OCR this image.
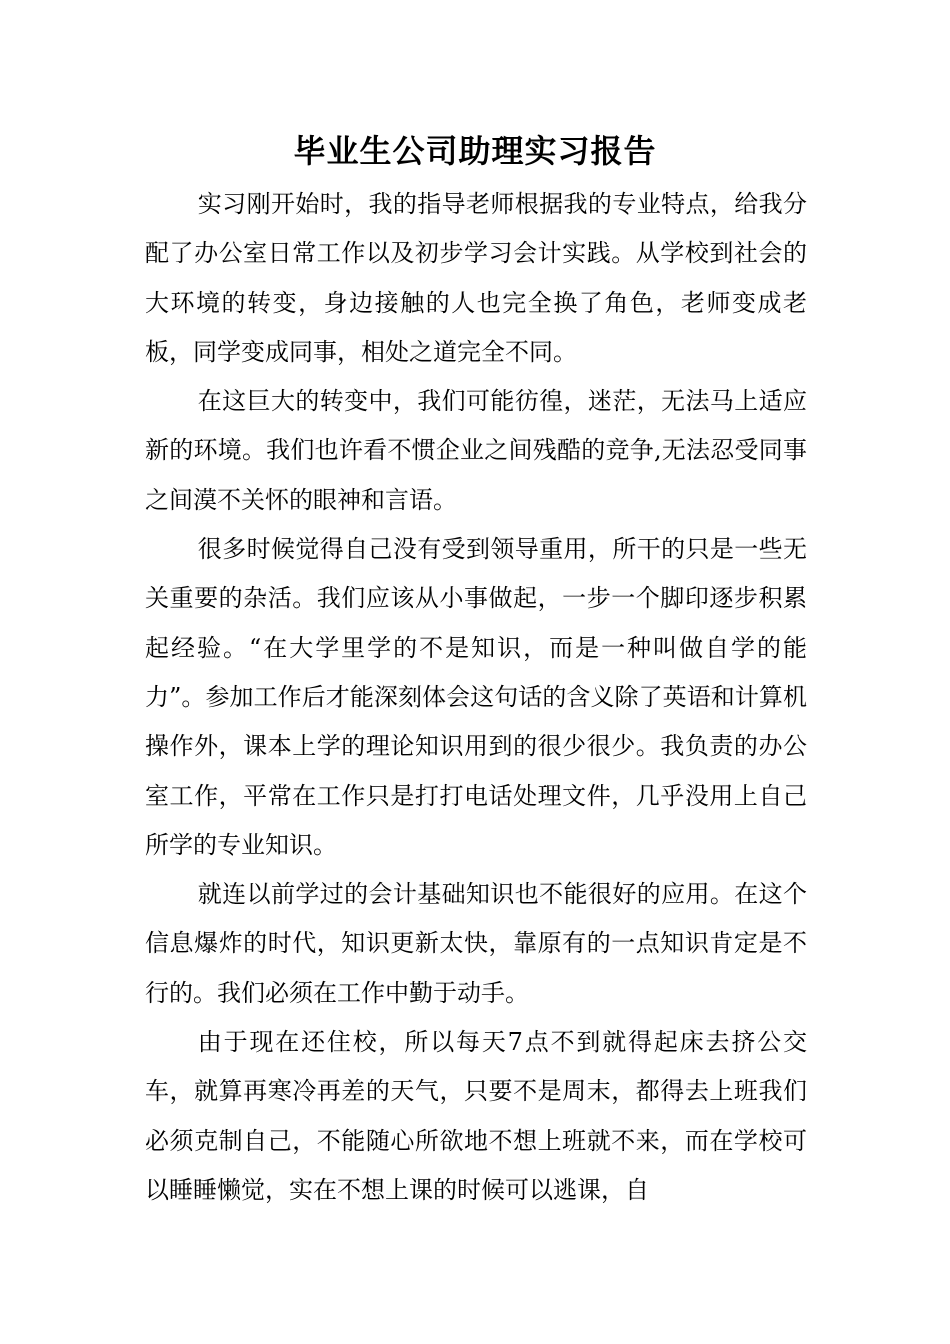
毕业生公司助理实习报告

实习刚开始时，我的指导老师根据我的专业特点，给我分配了办公室日常工作以及初步学习会计实践。从学校到社会的大环境的转变，身边接触的人也完全换了角色，老师变成老板，同学变成同事，相处之道完全不同。

在这巨大的转变中，我们可能彷徨，迷茫，无法马上适应新的环境。我们也许看不惯企业之间残酷的竞争,无法忍受同事之间漠不关怀的眼神和言语。

很多时候觉得自己没有受到领导重用，所干的只是一些无关重要的杂活。我们应该从小事做起，一步一个脚印逐步积累起经验。“在大学里学的不是知识，而是一种叫做自学的能力”。参加工作后才能深刻体会这句话的含义除了英语和计算机操作外，课本上学的理论知识用到的很少很少。我负责的办公室工作，平常在工作只是打打电话处理文件，几乎没用上自己所学的专业知识。

就连以前学过的会计基础知识也不能很好的应用。在这个信息爆炸的时代，知识更新太快，靠原有的一点知识肯定是不行的。我们必须在工作中勤于动手。

由于现在还住校，所以每天7点不到就得起床去挤公交车，就算再寒冷再差的天气，只要不是周末，都得去上班我们必须克制自己，不能随心所欲地不想上班就不来，而在学校可以睡睡懒觉，实在不想上课的时候可以逃课，自
